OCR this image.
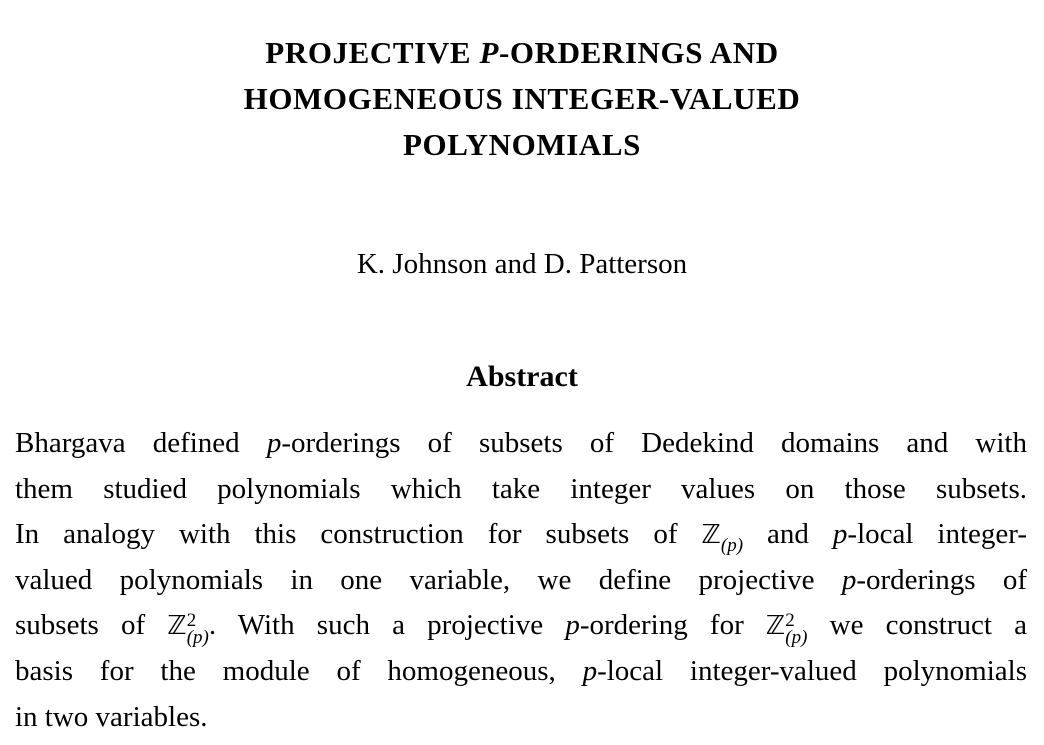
PROJECTIVE P-ORDERINGS AND
HOMOGENEOUS INTEGER-VALUED
POLYNOMIALS
K. Johnson and D. Patterson
Abstract
Bhargava defined p-orderings of subsets of Dedekind domains and with
them studied polynomials which take integer values on those subsets.
In analogy with this construction for subsets of ℤ$_{(p)}$ and p-local integer-
valued polynomials in one variable, we define projective p-orderings of
subsets of ℤ 2
(p) . With such a projective p-ordering for ℤ 2
(p) we construct a
basis for the module of homogeneous, p-local integer-valued polynomials
in two variables.
